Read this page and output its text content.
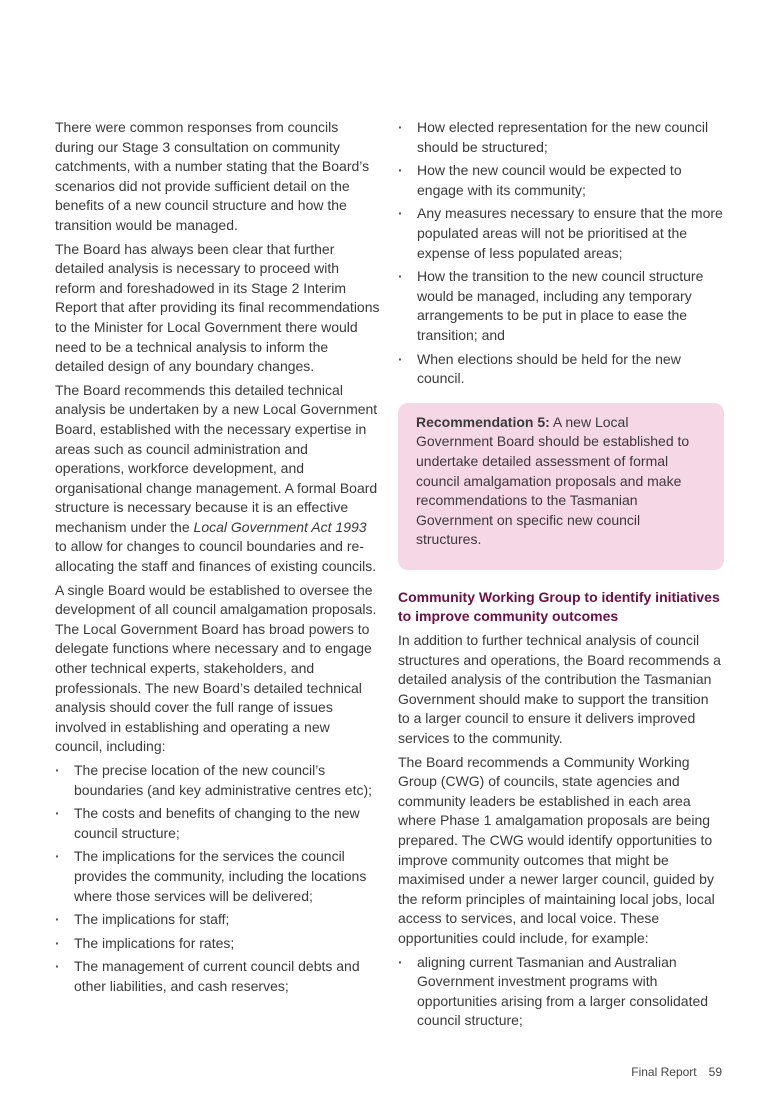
There were common responses from councils during our Stage 3 consultation on community catchments, with a number stating that the Board’s scenarios did not provide sufficient detail on the benefits of a new council structure and how the transition would be managed.

The Board has always been clear that further detailed analysis is necessary to proceed with reform and foreshadowed in its Stage 2 Interim Report that after providing its final recommendations to the Minister for Local Government there would need to be a technical analysis to inform the detailed design of any boundary changes.

The Board recommends this detailed technical analysis be undertaken by a new Local Government Board, established with the necessary expertise in areas such as council administration and operations, workforce development, and organisational change management. A formal Board structure is necessary because it is an effective mechanism under the Local Government Act 1993 to allow for changes to council boundaries and re-allocating the staff and finances of existing councils.

A single Board would be established to oversee the development of all council amalgamation proposals. The Local Government Board has broad powers to delegate functions where necessary and to engage other technical experts, stakeholders, and professionals. The new Board’s detailed technical analysis should cover the full range of issues involved in establishing and operating a new council, including:

· The precise location of the new council’s boundaries (and key administrative centres etc);
· The costs and benefits of changing to the new council structure;
· The implications for the services the council provides the community, including the locations where those services will be delivered;
· The implications for staff;
· The implications for rates;
· The management of current council debts and other liabilities, and cash reserves;
· How elected representation for the new council should be structured;
· How the new council would be expected to engage with its community;
· Any measures necessary to ensure that the more populated areas will not be prioritised at the expense of less populated areas;
· How the transition to the new council structure would be managed, including any temporary arrangements to be put in place to ease the transition; and
· When elections should be held for the new council.
Recommendation 5: A new Local Government Board should be established to undertake detailed assessment of formal council amalgamation proposals and make recommendations to the Tasmanian Government on specific new council structures.
Community Working Group to identify initiatives to improve community outcomes

In addition to further technical analysis of council structures and operations, the Board recommends a detailed analysis of the contribution the Tasmanian Government should make to support the transition to a larger council to ensure it delivers improved services to the community.

The Board recommends a Community Working Group (CWG) of councils, state agencies and community leaders be established in each area where Phase 1 amalgamation proposals are being prepared. The CWG would identify opportunities to improve community outcomes that might be maximised under a newer larger council, guided by the reform principles of maintaining local jobs, local access to services, and local voice. These opportunities could include, for example:

· aligning current Tasmanian and Australian Government investment programs with opportunities arising from a larger consolidated council structure;
Final Report 59
